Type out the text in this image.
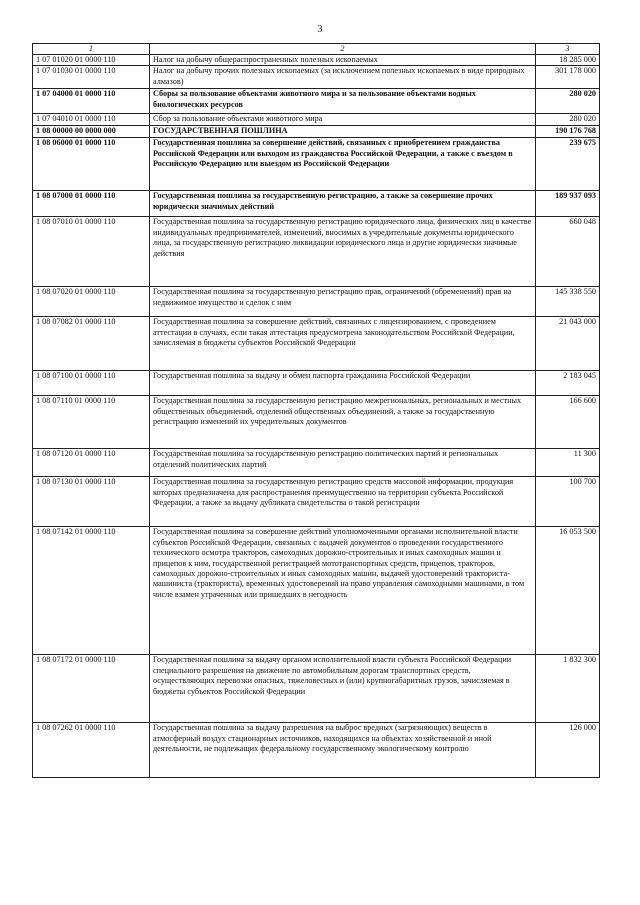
3
1	2	3
1 07 01020 01 0000 110	Налог на добычу общераспространенных полезных ископаемых	18 285 000
1 07 01030 01 0000 110	Налог на добычу прочих полезных ископаемых (за исключением полезных ископаемых в виде природных алмазов)	301 178 000
1 07 04000 01 0000 110	Сборы за пользование объектами животного мира и за пользование объектами водных биологических ресурсов	280 020
1 07 04010 01 0000 110	Сбор за пользование объектами животного мира	280 020
1 08 00000 00 0000 000	ГОСУДАРСТВЕННАЯ ПОШЛИНА	190 176 768
1 08 06000 01 0000 110	Государственная пошлина за совершение действий, связанных с приобретением гражданства Российской Федерации или выходом из гражданства Российской Федерации, а также с въездом в Российскую Федерацию или выездом из Российской Федерации	239 675
1 08 07000 01 0000 110	Государственная пошлина за государственную регистрацию, а также за совершение прочих юридически значимых действий	189 937 093
1 08 07010 01 0000 110	Государственная пошлина за государственную регистрацию юридического лица, физических лиц в качестве индивидуальных предпринимателей, изменений, вносимых в учредительные документы юридического лица, за государственную регистрацию ликвидации юридического лица и другие юридически значимые действия	660 048
1 08 07020 01 0000 110	Государственная пошлина за государственную регистрацию прав, ограничений (обременений) прав на недвижимое имущество и сделок с ним	145 338 550
1 08 07082 01 0000 110	Государственная пошлина за совершение действий, связанных с лицензированием, с проведением аттестации в случаях, если такая аттестация предусмотрена законодательством Российской Федерации, зачисляемая в бюджеты субъектов Российской Федерации	21 043 000
1 08 07100 01 0000 110	Государственная пошлина за выдачу и обмен паспорта гражданина Российской Федерации	2 183 045
1 08 07110 01 0000 110	Государственная пошлина за государственную регистрацию межрегиональных, региональных и местных общественных объединений, отделений общественных объединений, а также за государственную регистрацию изменений их учредительных документов	166 600
1 08 07120 01 0000 110	Государственная пошлина за государственную регистрацию политических партий и региональных отделений политических партий	11 300
1 08 07130 01 0000 110	Государственная пошлина за государственную регистрацию средств массовой информации, продукция которых предназначена для распространения преимущественно на территории субъекта Российской Федерации, а также за выдачу дубликата свидетельства о такой регистрации	100 700
1 08 07142 01 0000 110	Государственная пошлина за совершение действий уполномоченными органами исполнительной власти субъектов Российской Федерации, связанных с выдачей документов о проведении государственного технического осмотра тракторов, самоходных дорожно-строительных и иных самоходных машин и прицепов к ним, государственной регистрацией мототранспортных средств, прицепов, тракторов, самоходных дорожно-строительных и иных самоходных машин, выдачей удостоверений тракториста-машиниста (тракториста), временных удостоверений на право управления самоходными машинами, в том числе взамен утраченных или пришедших в негодность	16 053 500
1 08 07172 01 0000 110	Государственная пошлина за выдачу органом исполнительной власти субъекта Российской Федерации специального разрешения на движение по автомобильным дорогам транспортных средств, осуществляющих перевозки опасных, тяжеловесных и (или) крупногабаритных грузов, зачисляемая в бюджеты субъектов Российской Федерации	1 832 300
1 08 07262 01 0000 110	Государственная пошлина за выдачу разрешения на выброс вредных (загрязняющих) веществ в атмосферный воздух стационарных источников, находящихся на объектах хозяйственной и иной деятельности, не подлежащих федеральному государственному экологическому контролю	126 000
